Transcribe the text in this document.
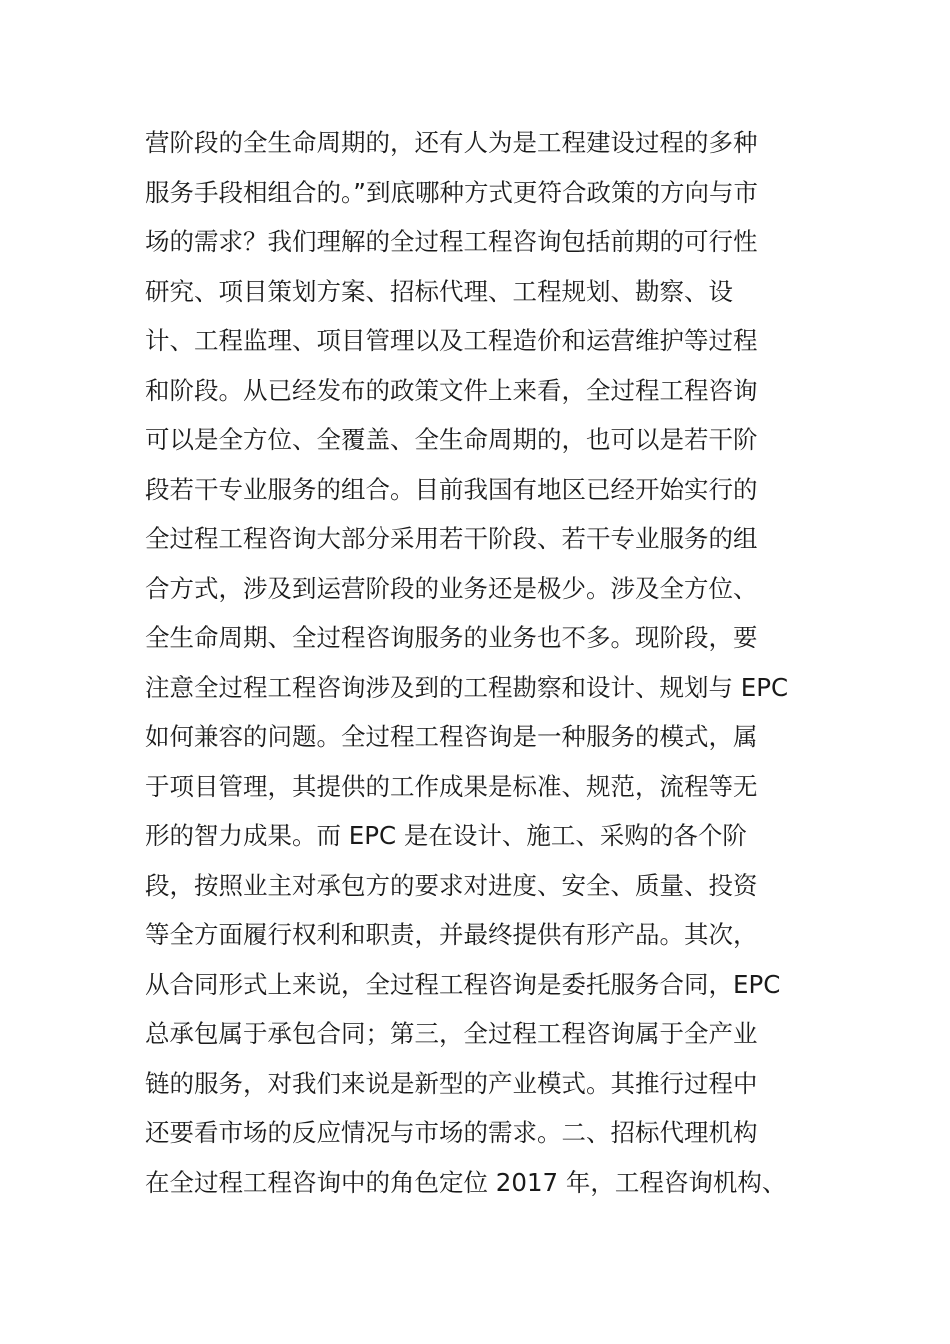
营阶段的全生命周期的，还有人为是工程建设过程的多种
服务手段相组合的。”到底哪种方式更符合政策的方向与市
场的需求？我们理解的全过程工程咨询包括前期的可行性
研究、项目策划方案、招标代理、工程规划、勘察、设
计、工程监理、项目管理以及工程造价和运营维护等过程
和阶段。从已经发布的政策文件上来看，全过程工程咨询
可以是全方位、全覆盖、全生命周期的，也可以是若干阶
段若干专业服务的组合。目前我国有地区已经开始实行的
全过程工程咨询大部分采用若干阶段、若干专业服务的组
合方式，涉及到运营阶段的业务还是极少。涉及全方位、
全生命周期、全过程咨询服务的业务也不多。现阶段，要
注意全过程工程咨询涉及到的工程勘察和设计、规划与 EPC
如何兼容的问题。全过程工程咨询是一种服务的模式，属
于项目管理，其提供的工作成果是标准、规范，流程等无
形的智力成果。而 EPC 是在设计、施工、采购的各个阶
段，按照业主对承包方的要求对进度、安全、质量、投资
等全方面履行权利和职责，并最终提供有形产品。其次，
从合同形式上来说，全过程工程咨询是委托服务合同，EPC
总承包属于承包合同；第三，全过程工程咨询属于全产业
链的服务，对我们来说是新型的产业模式。其推行过程中
还要看市场的反应情况与市场的需求。二、招标代理机构
在全过程工程咨询中的角色定位 2017 年，工程咨询机构、
